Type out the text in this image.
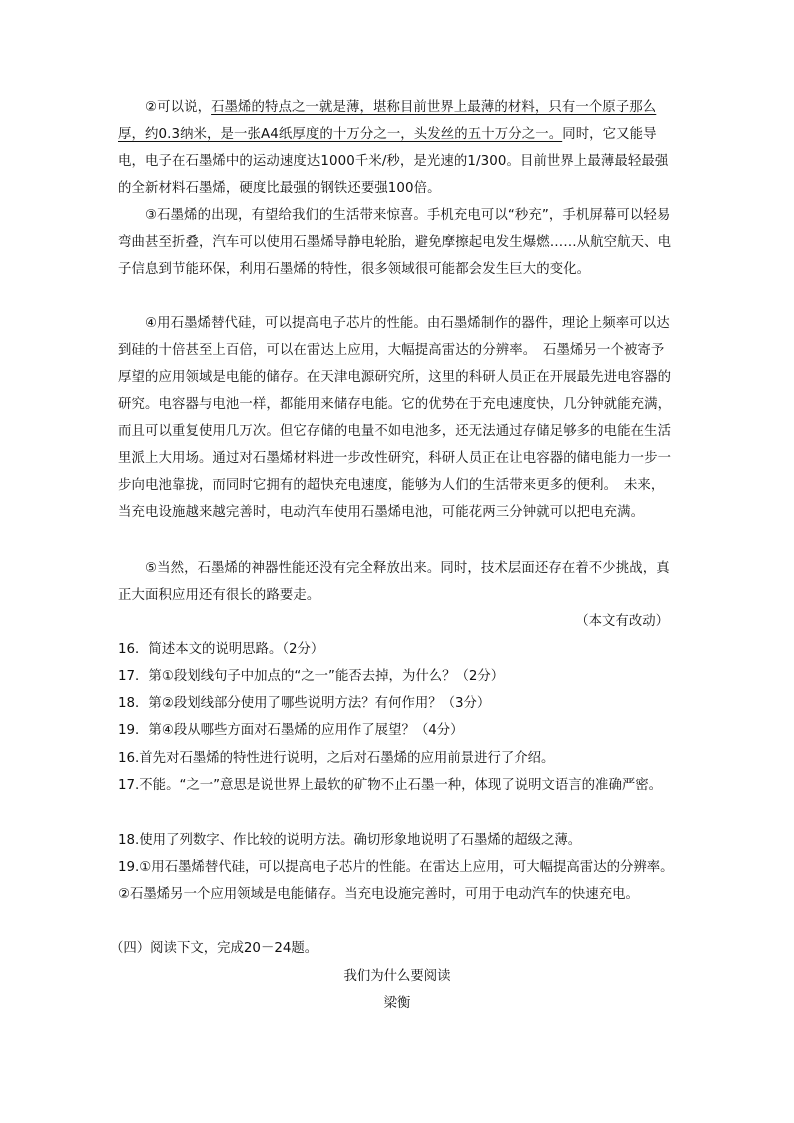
②可以说，石墨烯的特点之一就是薄，堪称目前世界上最薄的材料，只有一个原子那么厚，约0.3纳米，是一张A4纸厚度的十万分之一，头发丝的五十万分之一。同时，它又能导电，电子在石墨烯中的运动速度达1000千米/秒，是光速的1/300。目前世界上最薄最轻最强的全新材料石墨烯，硬度比最强的钢铁还要强100倍。

③石墨烯的出现，有望给我们的生活带来惊喜。手机充电可以“秒充”，手机屏幕可以轻易弯曲甚至折叠，汽车可以使用石墨烯导静电轮胎，避免摩擦起电发生爆燃……从航空航天、电子信息到节能环保，利用石墨烯的特性，很多领域很可能都会发生巨大的变化。

④用石墨烯替代硅，可以提高电子芯片的性能。由石墨烯制作的器件，理论上频率可以达到硅的十倍甚至上百倍，可以在雷达上应用，大幅提高雷达的分辨率。　石墨烯另一个被寄予厚望的应用领域是电能的储存。在天津电源研究所，这里的科研人员正在开展最先进电容器的研究。电容器与电池一样，都能用来储存电能。它的优势在于充电速度快，几分钟就能充满，而且可以重复使用几万次。但它存储的电量不如电池多，还无法通过存储足够多的电能在生活里派上大用场。通过对石墨烯材料进一步改性研究，科研人员正在让电容器的储电能力一步一步向电池靠拢，而同时它拥有的超快充电速度，能够为人们的生活带来更多的便利。　未来，当充电设施越来越完善时，电动汽车使用石墨烯电池，可能花两三分钟就可以把电充满。

⑤当然，石墨烯的神器性能还没有完全释放出来。同时，技术层面还存在着不少挑战，真正大面积应用还有很长的路要走。

（本文有改动）
16．简述本文的说明思路。（2分）
17．第①段划线句子中加点的“之一”能否去掉，为什么？（2分）
18．第②段划线部分使用了哪些说明方法？有何作用？（3分）
19．第④段从哪些方面对石墨烯的应用作了展望？（4分）
16.首先对石墨烯的特性进行说明，之后对石墨烯的应用前景进行了介绍。
17.不能。“之一”意思是说世界上最软的矿物不止石墨一种，体现了说明文语言的准确严密。
18.使用了列数字、作比较的说明方法。确切形象地说明了石墨烯的超级之薄。
19.①用石墨烯替代硅，可以提高电子芯片的性能。在雷达上应用，可大幅提高雷达的分辨率。②石墨烯另一个应用领域是电能储存。当充电设施完善时，可用于电动汽车的快速充电。
（四）阅读下文，完成20－24题。
我们为什么要阅读
梁衡
